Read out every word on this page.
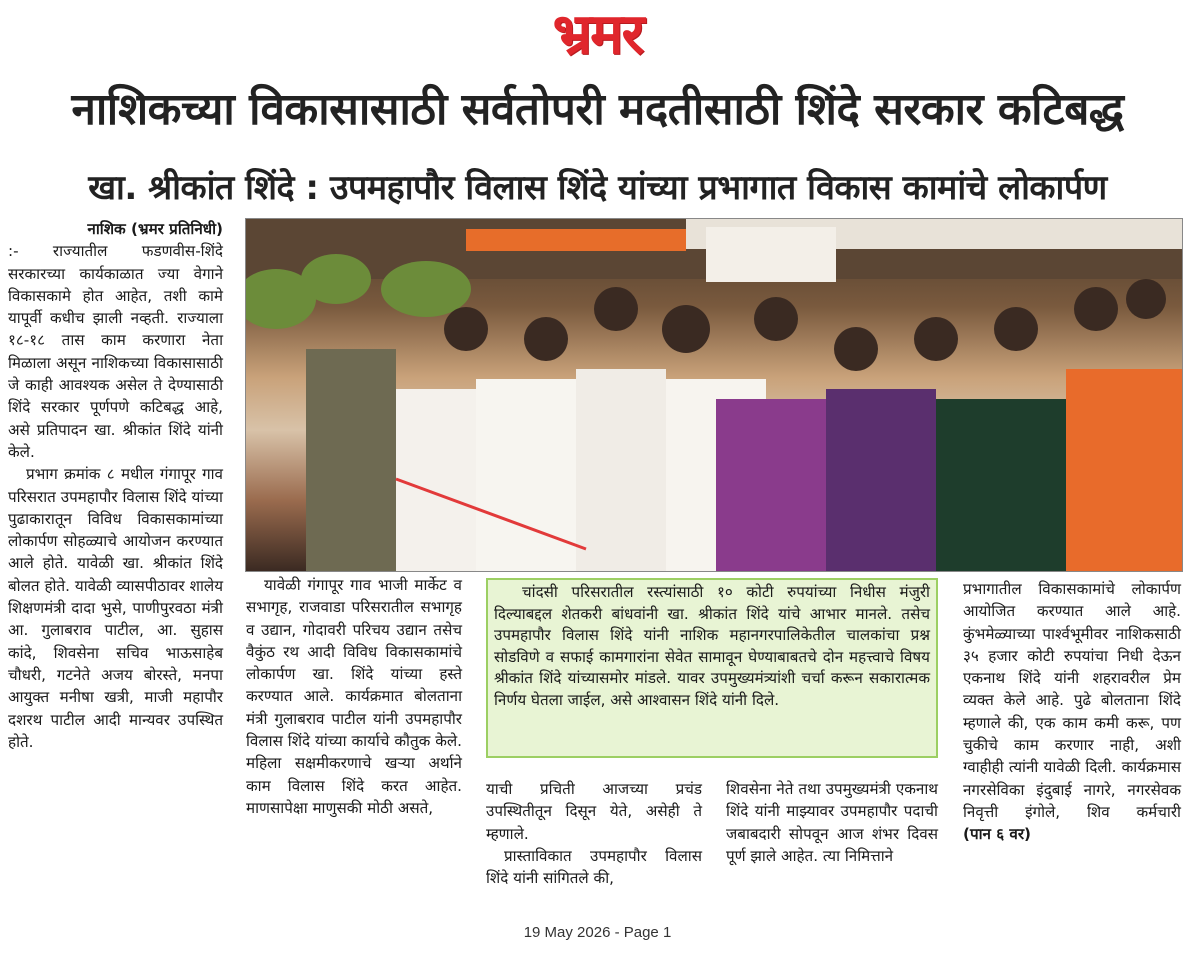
भ्रमर
नाशिकच्या विकासासाठी सर्वतोपरी मदतीसाठी शिंदे सरकार कटिबद्ध
खा. श्रीकांत शिंदे : उपमहापौर विलास शिंदे यांच्या प्रभागात विकास कामांचे लोकार्पण
नाशिक (भ्रमर प्रतिनिधी)

:- राज्यातील फडणवीस-शिंदे सरकारच्या कार्यकाळात ज्या वेगाने विकासकामे होत आहेत, तशी कामे यापूर्वी कधीच झाली नव्हती. राज्याला १८-१८ तास काम करणारा नेता मिळाला असून नाशिकच्या विकासासाठी जे काही आवश्यक असेल ते देण्यासाठी शिंदे सरकार पूर्णपणे कटिबद्ध आहे, असे प्रतिपादन खा. श्रीकांत शिंदे यांनी केले.

प्रभाग क्रमांक ८ मधील गंगापूर गाव परिसरात उपमहापौर विलास शिंदे यांच्या पुढाकारातून विविध विकासकामांच्या लोकार्पण सोहळ्याचे आयोजन करण्यात आले होते. यावेळी खा. श्रीकांत शिंदे बोलत होते. यावेळी व्यासपीठावर शालेय शिक्षणमंत्री दादा भुसे, पाणीपुरवठा मंत्री आ. गुलाबराव पाटील, आ. सुहास कांदे, शिवसेना सचिव भाऊसाहेब चौधरी, गटनेते अजय बोरस्ते, मनपा आयुक्त मनीषा खत्री, माजी महापौर दशरथ पाटील आदी मान्यवर उपस्थित होते.

यावेळी गंगापूर गाव भाजी मार्केट व सभागृह, राजवाडा परिसरातील सभागृह व उद्यान, गोदावरी परिचय उद्यान तसेच वैकुंठ रथ आदी विविध विकासकामांचे लोकार्पण खा. शिंदे यांच्या हस्ते करण्यात आले. कार्यक्रमात बोलताना मंत्री गुलाबराव पाटील यांनी उपमहापौर विलास शिंदे यांच्या कार्याचे कौतुक केले. महिला सक्षमीकरणाचे खऱ्या अर्थाने काम विलास शिंदे करत आहेत. माणसापेक्षा माणुसकी मोठी असते,

चांदसी परिसरातील रस्त्यांसाठी १० कोटी रुपयांच्या निधीस मंजुरी दिल्याबद्दल शेतकरी बांधवांनी खा. श्रीकांत शिंदे यांचे आभार मानले. तसेच उपमहापौर विलास शिंदे यांनी नाशिक महानगरपालिकेतील चालकांचा प्रश्न सोडविणे व सफाई कामगारांना सेवेत सामावून घेण्याबाबतचे दोन महत्त्वाचे विषय श्रीकांत शिंदे यांच्यासमोर मांडले. यावर उपमुख्यमंत्र्यांशी चर्चा करून सकारात्मक निर्णय घेतला जाईल, असे आश्वासन शिंदे यांनी दिले.

याची प्रचिती आजच्या प्रचंड उपस्थितीतून दिसून येते, असेही ते म्हणाले.

प्रास्ताविकात उपमहापौर विलास शिंदे यांनी सांगितले की,

शिवसेना नेते तथा उपमुख्यमंत्री एकनाथ शिंदे यांनी माझ्यावर उपमहापौर पदाची जबाबदारी सोपवून आज शंभर दिवस पूर्ण झाले आहेत. त्या निमित्ताने

प्रभागातील विकासकामांचे लोकार्पण आयोजित करण्यात आले आहे. कुंभमेळ्याच्या पार्श्वभूमीवर नाशिकसाठी ३५ हजार कोटी रुपयांचा निधी देऊन एकनाथ शिंदे यांनी शहरावरील प्रेम व्यक्त केले आहे. पुढे बोलताना शिंदे म्हणाले की, एक काम कमी करू, पण चुकीचे काम करणार नाही, अशी ग्वाहीही त्यांनी यावेळी दिली. कार्यक्रमास नगरसेविका इंदुबाई नागरे, नगरसेवक निवृत्ती इंगोले, शिव कर्मचारी (पान ६ वर)

19 May 2026 - Page 1
